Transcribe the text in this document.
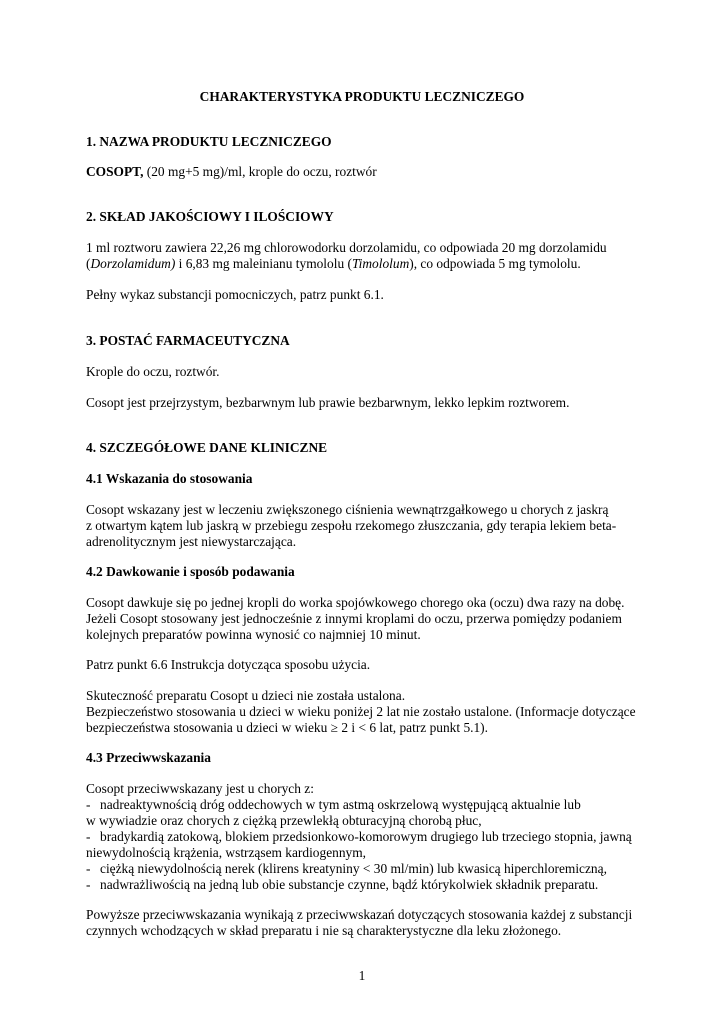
CHARAKTERYSTYKA PRODUKTU LECZNICZEGO
1. NAZWA PRODUKTU LECZNICZEGO
COSOPT, (20 mg+5 mg)/ml, krople do oczu, roztwór
2. SKŁAD JAKOŚCIOWY I ILOŚCIOWY
1 ml roztworu zawiera 22,26 mg chlorowodorku dorzolamidu, co odpowiada 20 mg dorzolamidu
(Dorzolamidum) i 6,83 mg maleinianu tymololu (Timololum), co odpowiada 5 mg tymololu.
Pełny wykaz substancji pomocniczych, patrz punkt 6.1.
3. POSTAĆ FARMACEUTYCZNA
Krople do oczu, roztwór.
Cosopt jest przejrzystym, bezbarwnym lub prawie bezbarwnym, lekko lepkim roztworem.
4. SZCZEGÓŁOWE DANE KLINICZNE
4.1 Wskazania do stosowania
Cosopt wskazany jest w leczeniu zwiększonego ciśnienia wewnątrzgałkowego u chorych z jaskrą
z otwartym kątem lub jaskrą w przebiegu zespołu rzekomego złuszczania, gdy terapia lekiem beta-
adrenolitycznym jest niewystarczająca.
4.2 Dawkowanie i sposób podawania
Cosopt dawkuje się po jednej kropli do worka spojówkowego chorego oka (oczu) dwa razy na dobę.
Jeżeli Cosopt stosowany jest jednocześnie z innymi kroplami do oczu, przerwa pomiędzy podaniem
kolejnych preparatów powinna wynosić co najmniej 10 minut.
Patrz punkt 6.6 Instrukcja dotycząca sposobu użycia.
Skuteczność preparatu Cosopt u dzieci nie została ustalona.
Bezpieczeństwo stosowania u dzieci w wieku poniżej 2 lat nie zostało ustalone. (Informacje dotyczące
bezpieczeństwa stosowania u dzieci w wieku ≥ 2 i < 6 lat, patrz punkt 5.1).
4.3 Przeciwwskazania
Cosopt przeciwwskazany jest u chorych z:
- nadreaktywnością dróg oddechowych w tym astmą oskrzelową występującą aktualnie lub
w wywiadzie oraz chorych z ciężką przewlekłą obturacyjną chorobą płuc,
- bradykardią zatokową, blokiem przedsionkowo-komorowym drugiego lub trzeciego stopnia, jawną
niewydolnością krążenia, wstrząsem kardiogennym,
- ciężką niewydolnością nerek (klirens kreatyniny < 30 ml/min) lub kwasicą hiperchloremiczną,
- nadwrażliwością na jedną lub obie substancje czynne, bądź którykolwiek składnik preparatu.
Powyższe przeciwwskazania wynikają z przeciwwskazań dotyczących stosowania każdej z substancji
czynnych wchodzących w skład preparatu i nie są charakterystyczne dla leku złożonego.
1
